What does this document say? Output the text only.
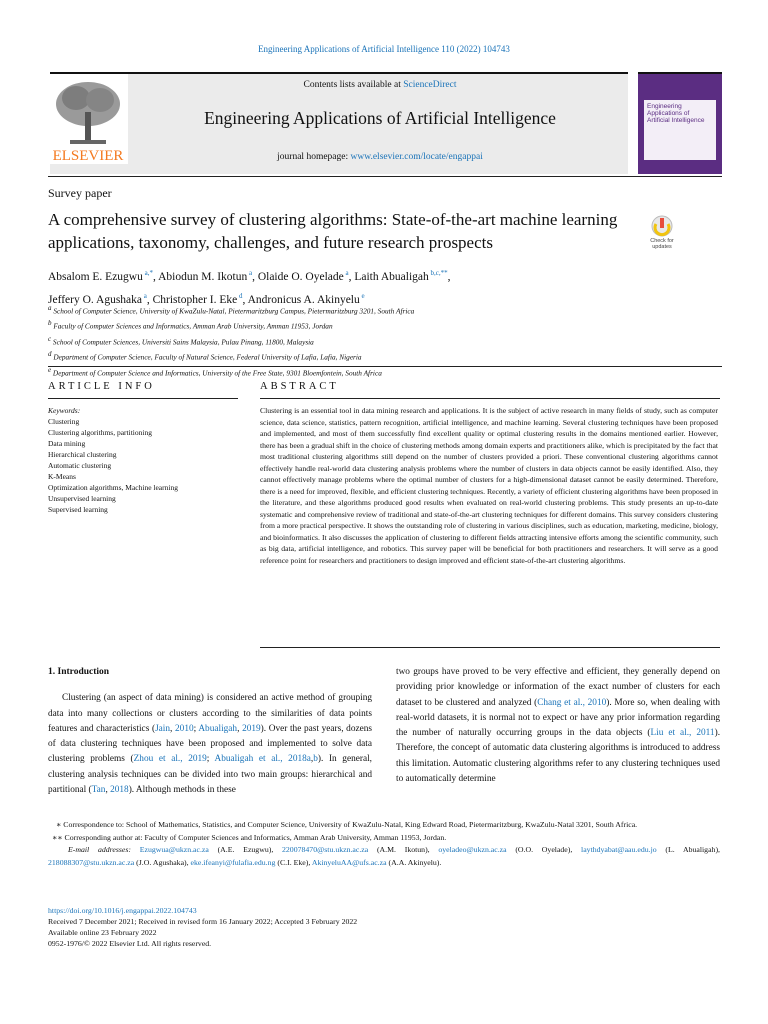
Engineering Applications of Artificial Intelligence 110 (2022) 104743
ELSEVIER
Contents lists available at ScienceDirect
Engineering Applications of Artificial Intelligence
journal homepage: www.elsevier.com/locate/engappai
Engineering Applications of Artificial Intelligence
Survey paper
A comprehensive survey of clustering algorithms: State-of-the-art machine learning applications, taxonomy, challenges, and future research prospects	Check for updates
Absalom E. Ezugwu $^{a,*}$, Abiodun M. Ikotun $^a$, Olaide O. Oyelade $^a$, Laith Abualigah $^{b,c,**}$,
Jeffery O. Agushaka $^a$, Christopher I. Eke $^d$, Andronicus A. Akinyelu $^e$
$^a$ School of Computer Science, University of KwaZulu-Natal, Pietermaritzburg Campus, Pietermaritzburg 3201, South Africa
$^b$ Faculty of Computer Sciences and Informatics, Amman Arab University, Amman 11953, Jordan
$^c$ School of Computer Sciences, Universiti Sains Malaysia, Pulau Pinang, 11800, Malaysia
$^d$ Department of Computer Science, Faculty of Natural Science, Federal University of Lafia, Lafia, Nigeria
$^e$ Department of Computer Science and Informatics, University of the Free State, 9301 Bloemfontein, South Africa
ARTICLE INFO	ABSTRACT
Keywords:
Clustering
Clustering algorithms, partitioning
Data mining
Hierarchical clustering
Automatic clustering
K-Means
Optimization algorithms, Machine learning
Unsupervised learning
Supervised learning
Clustering is an essential tool in data mining research and applications. It is the subject of active research in many fields of study, such as computer science, data science, statistics, pattern recognition, artificial intelligence, and machine learning. Several clustering techniques have been proposed and implemented, and most of them successfully find excellent quality or optimal clustering results in the domains mentioned earlier. However, there has been a gradual shift in the choice of clustering methods among domain experts and practitioners alike, which is precipitated by the fact that most traditional clustering algorithms still depend on the number of clusters provided a priori. These conventional clustering algorithms cannot effectively handle real-world data clustering analysis problems where the number of clusters in data objects cannot be easily identified. Also, they cannot effectively manage problems where the optimal number of clusters for a high-dimensional dataset cannot be easily determined. Therefore, there is a need for improved, flexible, and efficient clustering techniques. Recently, a variety of efficient clustering algorithms have been proposed in the literature, and these algorithms produced good results when evaluated on real-world clustering problems. This study presents an up-to-date systematic and comprehensive review of traditional and state-of-the-art clustering techniques for different domains. This survey considers clustering from a more practical perspective. It shows the outstanding role of clustering in various disciplines, such as education, marketing, medicine, biology, and bioinformatics. It also discusses the application of clustering to different fields attracting intensive efforts among the scientific community, such as big data, artificial intelligence, and robotics. This survey paper will be beneficial for both practitioners and researchers. It will serve as a good reference point for researchers and practitioners to design improved and efficient state-of-the-art clustering algorithms.
1. Introduction
Clustering (an aspect of data mining) is considered an active method of grouping data into many collections or clusters according to the similarities of data points features and characteristics (Jain, 2010; Abualigah, 2019). Over the past years, dozens of data clustering techniques have been proposed and implemented to solve data clustering problems (Zhou et al., 2019; Abualigah et al., 2018a,b). In general, clustering analysis techniques can be divided into two main groups: hierarchical and partitional (Tan, 2018). Although methods in these
two groups have proved to be very effective and efficient, they generally depend on providing prior knowledge or information of the exact number of clusters for each dataset to be clustered and analyzed (Chang et al., 2010). More so, when dealing with real-world datasets, it is normal not to expect or have any prior information regarding the number of naturally occurring groups in the data objects (Liu et al., 2011). Therefore, the concept of automatic data clustering algorithms is introduced to address this limitation. Automatic clustering algorithms refer to any clustering techniques used to automatically determine
∗ Correspondence to: School of Mathematics, Statistics, and Computer Science, University of KwaZulu-Natal, King Edward Road, Pietermaritzburg, KwaZulu-Natal 3201, South Africa.
∗∗ Corresponding author at: Faculty of Computer Sciences and Informatics, Amman Arab University, Amman 11953, Jordan.
E-mail addresses: Ezugwua@ukzn.ac.za (A.E. Ezugwu), 220078470@stu.ukzn.ac.za (A.M. Ikotun), oyeladeo@ukzn.ac.za (O.O. Oyelade), laythdyabat@aau.edu.jo (L. Abualigah), 218088307@stu.ukzn.ac.za (J.O. Agushaka), eke.ifeanyi@fulafia.edu.ng (C.I. Eke), AkinyeluAA@ufs.ac.za (A.A. Akinyelu).
https://doi.org/10.1016/j.engappai.2022.104743
Received 7 December 2021; Received in revised form 16 January 2022; Accepted 3 February 2022
Available online 23 February 2022
0952-1976/© 2022 Elsevier Ltd. All rights reserved.
